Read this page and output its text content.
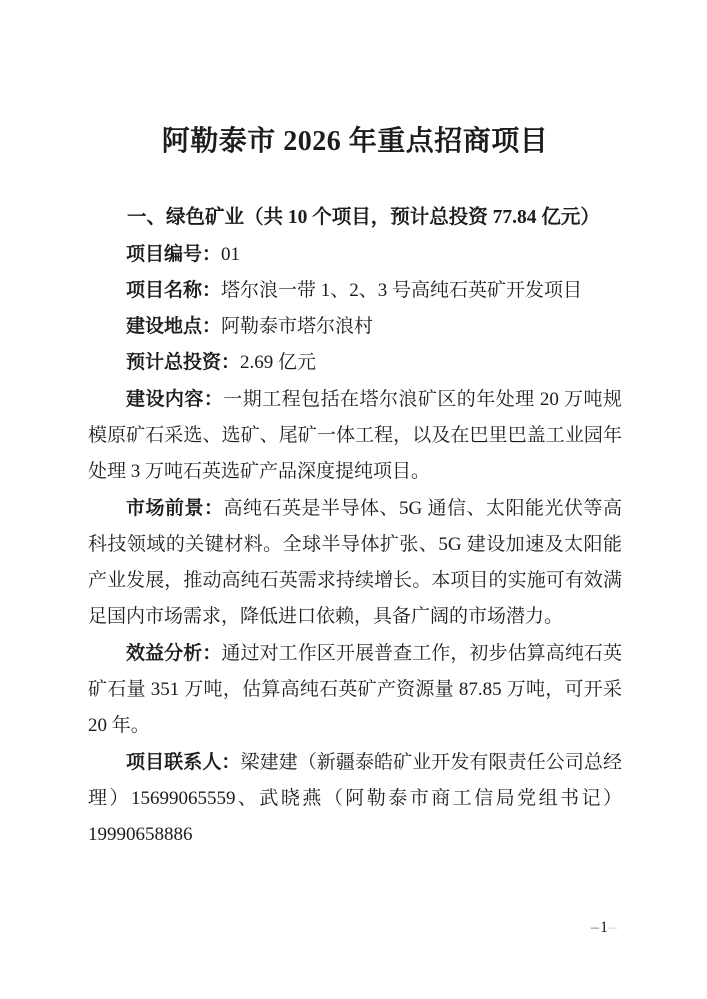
阿勒泰市 2026 年重点招商项目
一、绿色矿业（共 10 个项目，预计总投资 77.84 亿元）

项目编号：01

项目名称：塔尔浪一带 1、2、3 号高纯石英矿开发项目

建设地点：阿勒泰市塔尔浪村

预计总投资：2.69 亿元

建设内容：一期工程包括在塔尔浪矿区的年处理 20 万吨规模原矿石采选、选矿、尾矿一体工程，以及在巴里巴盖工业园年处理 3 万吨石英选矿产品深度提纯项目。

市场前景：高纯石英是半导体、5G 通信、太阳能光伏等高科技领域的关键材料。全球半导体扩张、5G 建设加速及太阳能产业发展，推动高纯石英需求持续增长。本项目的实施可有效满足国内市场需求，降低进口依赖，具备广阔的市场潜力。

效益分析：通过对工作区开展普查工作，初步估算高纯石英矿石量 351 万吨，估算高纯石英矿产资源量 87.85 万吨，可开采 20 年。

项目联系人：梁建建（新疆泰皓矿业开发有限责任公司总经理）15699065559、武晓燕（阿勒泰市商工信局党组书记）19990658886

–1–
